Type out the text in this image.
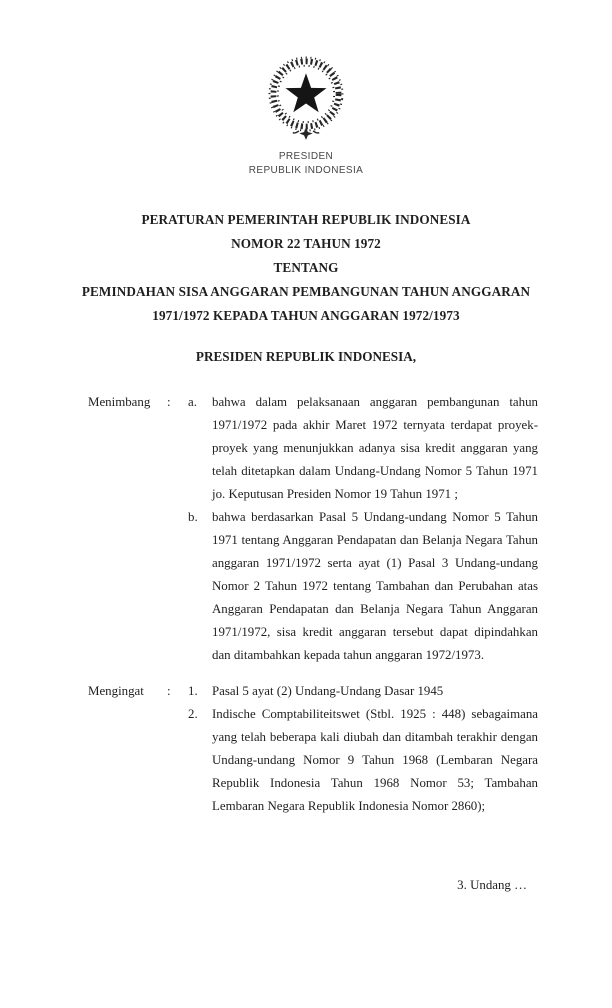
PRESIDEN
REPUBLIK INDONESIA
PERATURAN PEMERINTAH REPUBLIK INDONESIA
NOMOR 22 TAHUN 1972
TENTANG
PEMINDAHAN SISA ANGGARAN PEMBANGUNAN TAHUN ANGGARAN
1971/1972 KEPADA TAHUN ANGGARAN 1972/1973
PRESIDEN REPUBLIK INDONESIA,
Menimbang	:	a.	bahwa dalam pelaksanaan anggaran pembangunan tahun
1971/1972 pada akhir Maret 1972 ternyata terdapat proyek-
proyek yang menunjukkan adanya sisa kredit anggaran yang
telah ditetapkan dalam Undang-Undang Nomor 5 Tahun 1971
jo. Keputusan Presiden Nomor 19 Tahun 1971 ;
b.	bahwa berdasarkan Pasal 5 Undang-undang Nomor 5 Tahun
1971 tentang Anggaran Pendapatan dan Belanja Negara Tahun
anggaran 1971/1972 serta ayat (1) Pasal 3 Undang-undang
Nomor 2 Tahun 1972 tentang Tambahan dan Perubahan atas
Anggaran Pendapatan dan Belanja Negara Tahun Anggaran
1971/1972, sisa kredit anggaran tersebut dapat dipindahkan
dan ditambahkan kepada tahun anggaran 1972/1973.
Mengingat	:	1.	Pasal 5 ayat (2) Undang-Undang Dasar 1945
2.	Indische Comptabiliteitswet (Stbl. 1925 : 448) sebagaimana
yang telah beberapa kali diubah dan ditambah terakhir dengan
Undang-undang Nomor 9 Tahun 1968 (Lembaran Negara
Republik Indonesia Tahun 1968 Nomor 53; Tambahan
Lembaran Negara Republik Indonesia Nomor 2860);
3. Undang …
